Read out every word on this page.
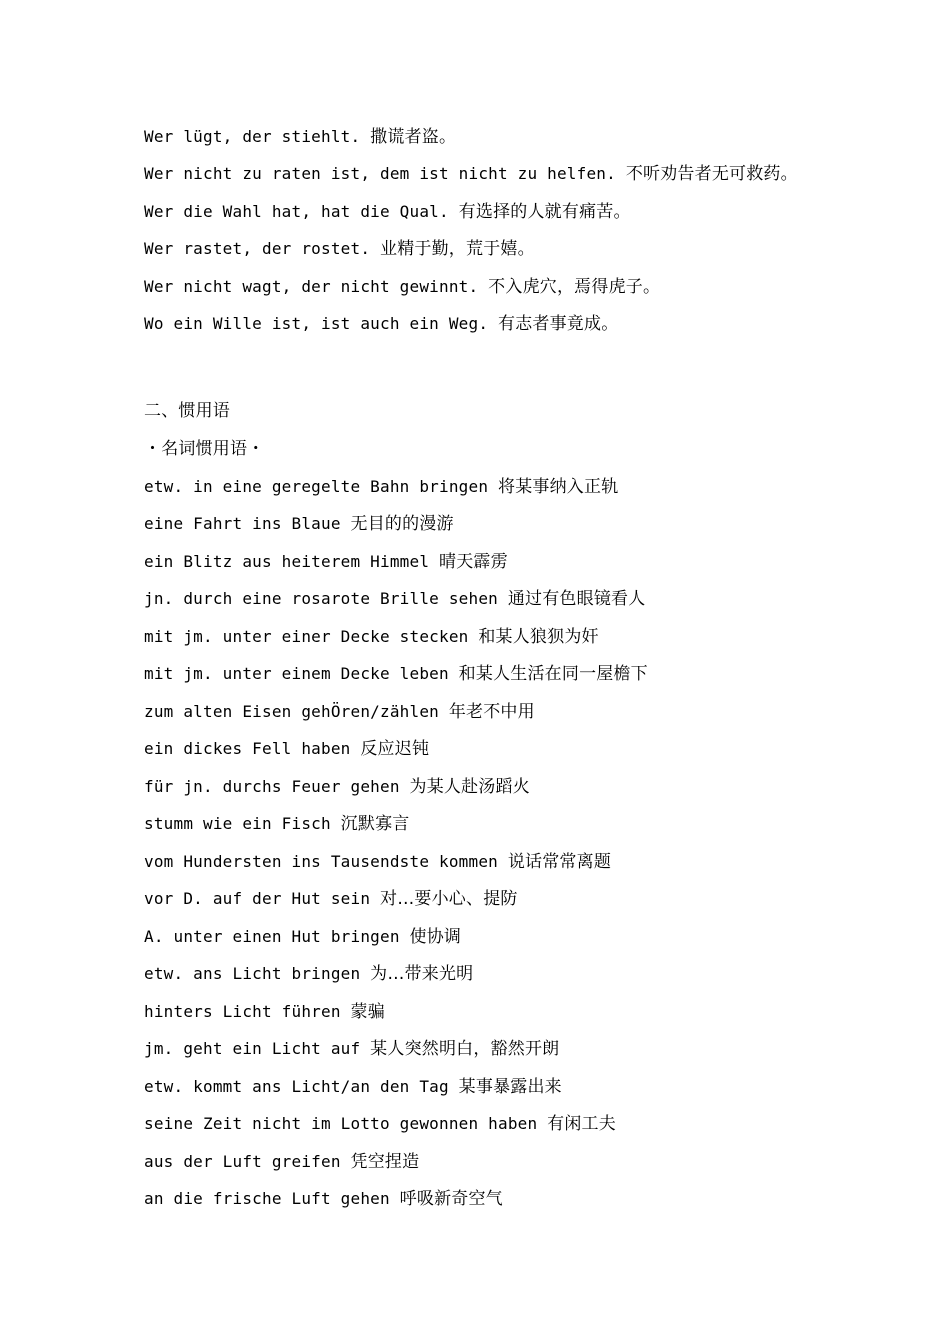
Wer lügt, der stiehlt. 撒谎者盗。
Wer nicht zu raten ist, dem ist nicht zu helfen. 不听劝告者无可救药。
Wer die Wahl hat, hat die Qual. 有选择的人就有痛苦。
Wer rastet, der rostet. 业精于勤，荒于嬉。
Wer nicht wagt, der nicht gewinnt. 不入虎穴，焉得虎子。
Wo ein Wille ist, ist auch ein Weg. 有志者事竟成。
二、惯用语
・名词惯用语・
etw. in eine geregelte Bahn bringen 将某事纳入正轨
eine Fahrt ins Blaue 无目的的漫游
ein Blitz aus heiterem Himmel 晴天霹雳
jn. durch eine rosarote Brille sehen 通过有色眼镜看人
mit jm. unter einer Decke stecken 和某人狼狈为奸
mit jm. unter einem Decke leben 和某人生活在同一屋檐下
zum alten Eisen gehÖren/zählen 年老不中用
ein dickes Fell haben 反应迟钝
für jn. durchs Feuer gehen 为某人赴汤蹈火
stumm wie ein Fisch 沉默寡言
vom Hundersten ins Tausendste kommen 说话常常离题
vor D. auf der Hut sein 对…要小心、提防
A. unter einen Hut bringen 使协调
etw. ans Licht bringen 为…带来光明
hinters Licht führen 蒙骗
jm. geht ein Licht auf 某人突然明白，豁然开朗
etw. kommt ans Licht/an den Tag 某事暴露出来
seine Zeit nicht im Lotto gewonnen haben 有闲工夫
aus der Luft greifen 凭空捏造
an die frische Luft gehen 呼吸新奇空气
